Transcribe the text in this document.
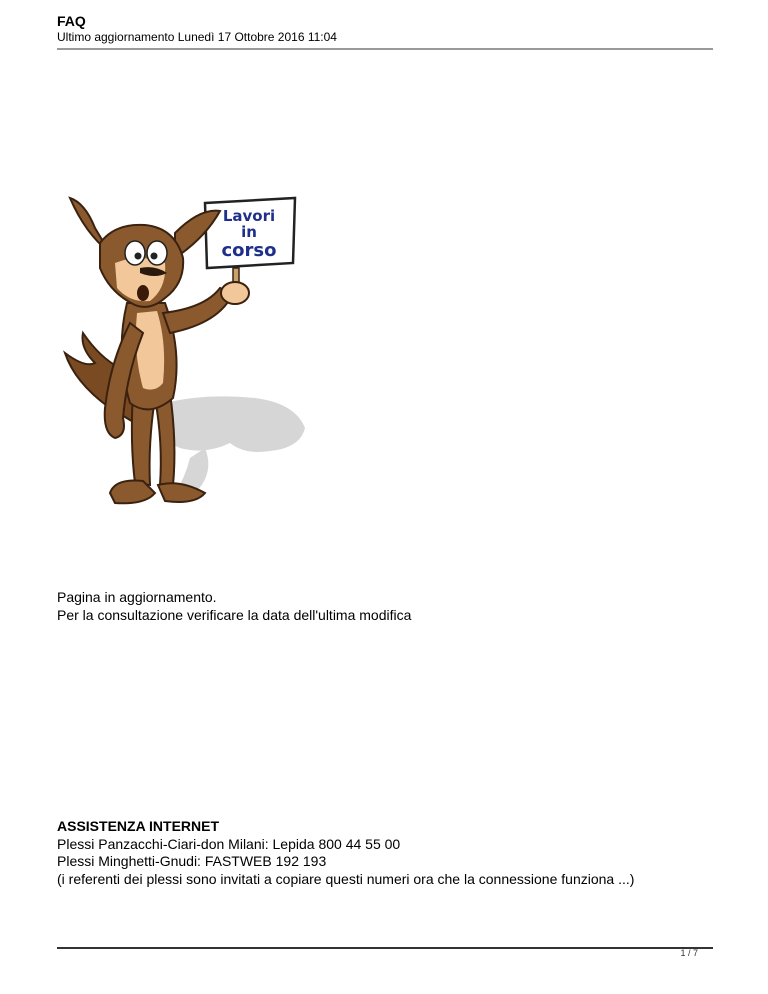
FAQ
Ultimo aggiornamento Lunedì 17 Ottobre 2016 11:04
Lavori
in
corso
Pagina in aggiornamento.
Per la consultazione verificare la data dell'ultima modifica
ASSISTENZA INTERNET
Plessi Panzacchi-Ciari-don Milani: Lepida 800 44 55 00
Plessi Minghetti-Gnudi: FASTWEB 192 193
(i referenti dei plessi sono invitati a copiare questi numeri ora che la connessione funziona ...)
1 / 7
